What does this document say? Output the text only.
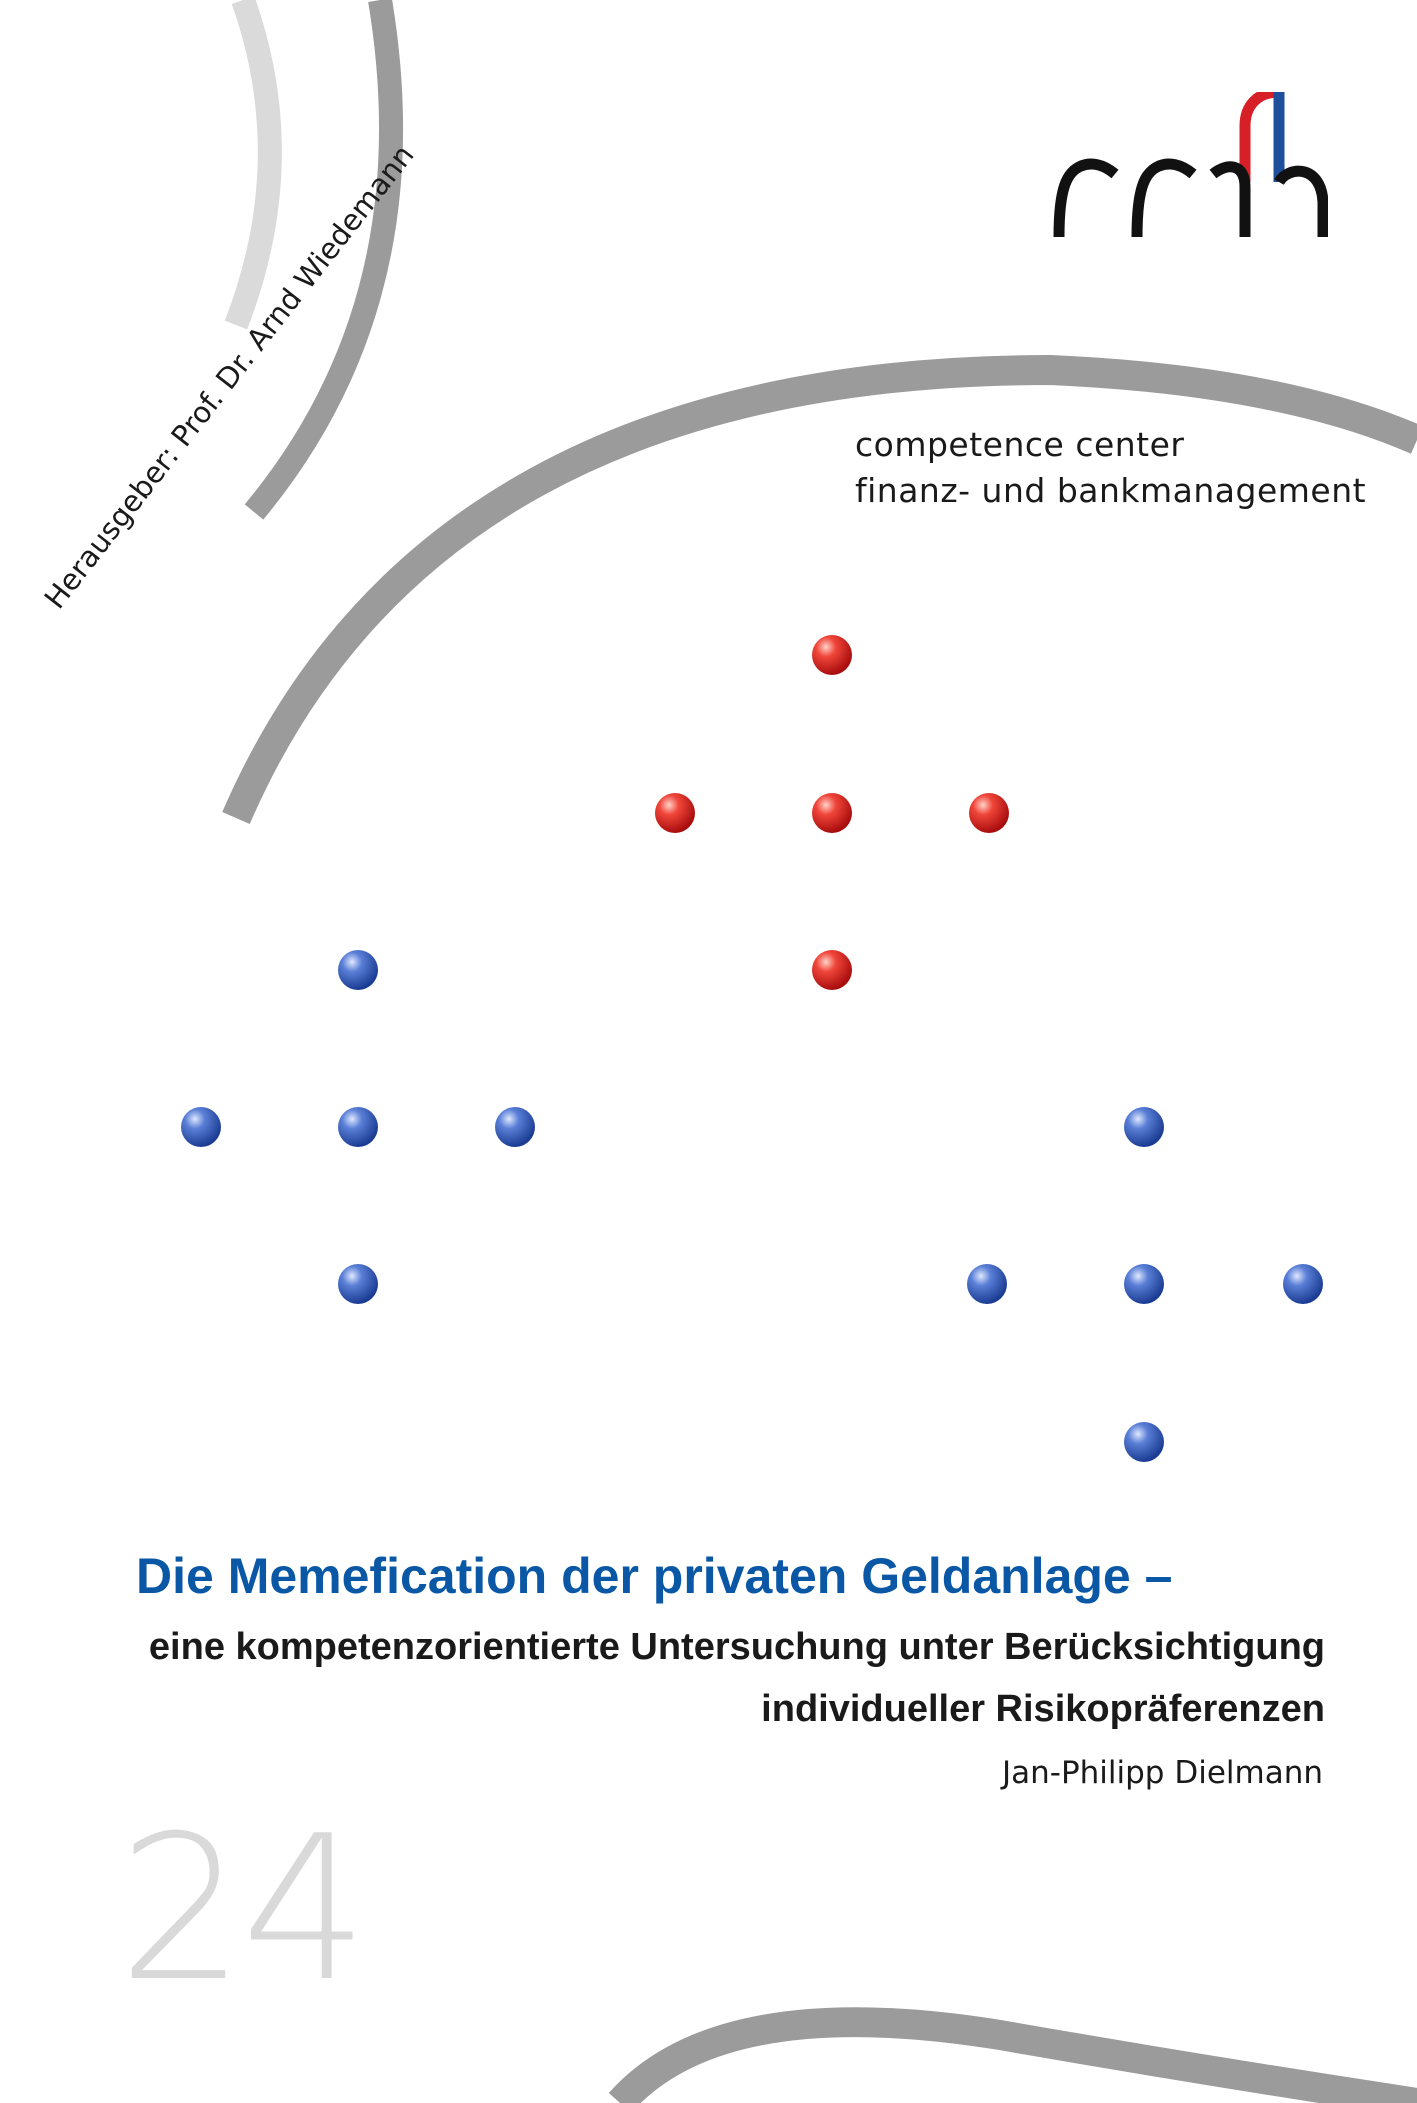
competence center
finanz- und bankmanagement
Herausgeber: Prof. Dr. Arnd Wiedemann
Die Memefication der privaten Geldanlage –
eine kompetenzorientierte Untersuchung unter Berücksichtigung
individueller Risikopräferenzen
Jan-Philipp Dielmann
24
